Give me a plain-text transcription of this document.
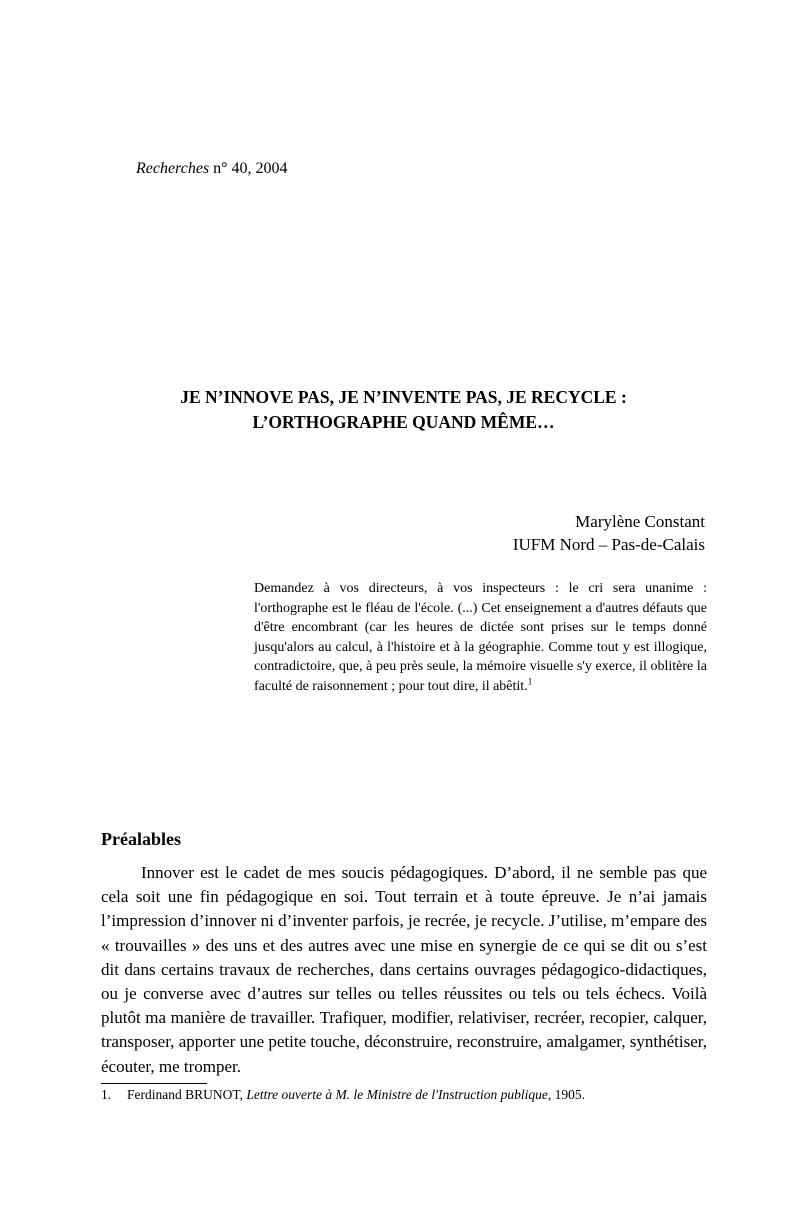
Recherches n° 40, 2004
JE N’INNOVE PAS, JE N’INVENTE PAS, JE RECYCLE :
L’ORTHOGRAPHE QUAND MÊME…
Marylène Constant
IUFM Nord – Pas-de-Calais
Demandez à vos directeurs, à vos inspecteurs : le cri sera unanime : l'orthographe est le fléau de l'école. (...) Cet enseignement a d'autres défauts que d'être encombrant (car les heures de dictée sont prises sur le temps donné jusqu'alors au calcul, à l'histoire et à la géographie. Comme tout y est illogique, contradictoire, que, à peu près seule, la mémoire visuelle s'y exerce, il oblitère la faculté de raisonnement ; pour tout dire, il abêtit.$^1$
Préalables
Innover est le cadet de mes soucis pédagogiques. D’abord, il ne semble pas que cela soit une fin pédagogique en soi. Tout terrain et à toute épreuve. Je n’ai jamais l’impression d’innover ni d’inventer parfois, je recrée, je recycle. J’utilise, m’empare des « trouvailles » des uns et des autres avec une mise en synergie de ce qui se dit ou s’est dit dans certains travaux de recherches, dans certains ouvrages pédagogico-didactiques, ou je converse avec d’autres sur telles ou telles réussites ou tels ou tels échecs. Voilà plutôt ma manière de travailler. Trafiquer, modifier, relativiser, recréer, recopier, calquer, transposer, apporter une petite touche, déconstruire, reconstruire, amalgamer, synthétiser, écouter, me tromper.
1. Ferdinand BRUNOT, Lettre ouverte à M. le Ministre de l'Instruction publique, 1905.
